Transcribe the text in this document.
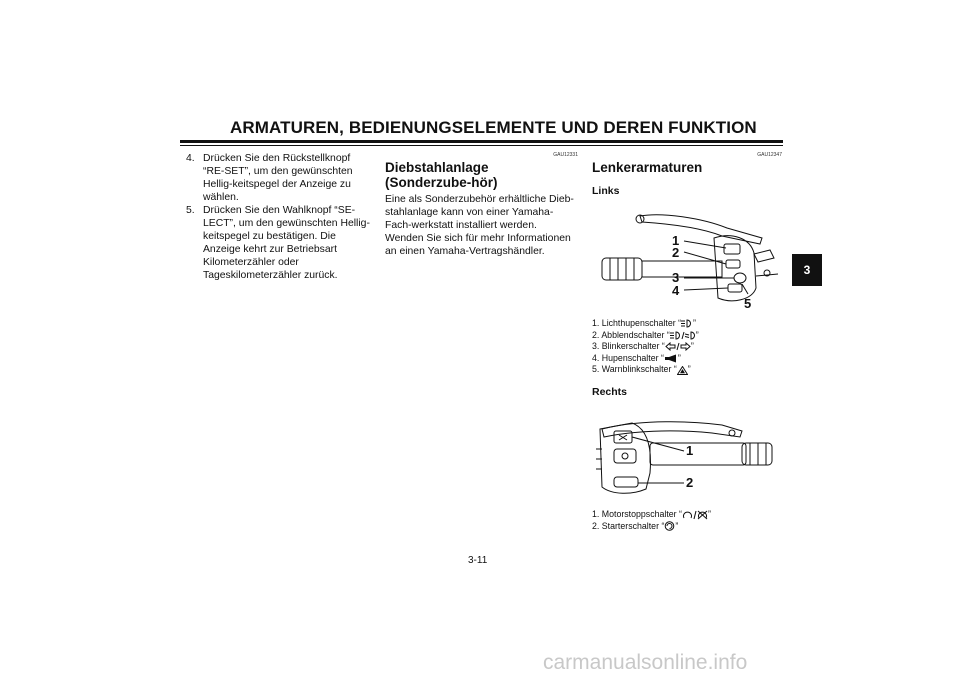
ARMATUREN, BEDIENUNGSELEMENTE UND DEREN FUNKTION
3
4. Drücken Sie den Rückstellknopf “RE-SET”, um den gewünschten Hellig-keitspegel der Anzeige zu wählen.
5. Drücken Sie den Wahlknopf “SE-LECT”, um den gewünschten Hellig-keitspegel zu bestätigen. Die Anzeige kehrt zur Betriebsart Kilometerzähler oder Tageskilometerzähler zurück.
GAU12331
Diebstahlanlage (Sonderzube-hör)
Eine als Sonderzubehör erhältliche Dieb-stahlanlage kann von einer Yamaha-Fach-werkstatt installiert werden. Wenden Sie sich für mehr Informationen an einen Yamaha-Vertragshändler.
GAU12347
Lenkerarmaturen
Links
1
2
3
4
5
1. Lichthupenschalter “ ”
2. Abblendschalter “	”
3. Blinkerschalter “	”
4. Hupenschalter “ ”
5. Warnblinkschalter “ ”
Rechts
1
2
1. Motorstoppschalter “	”
2. Starterschalter “ ”
3-11
carmanualsonline.info
